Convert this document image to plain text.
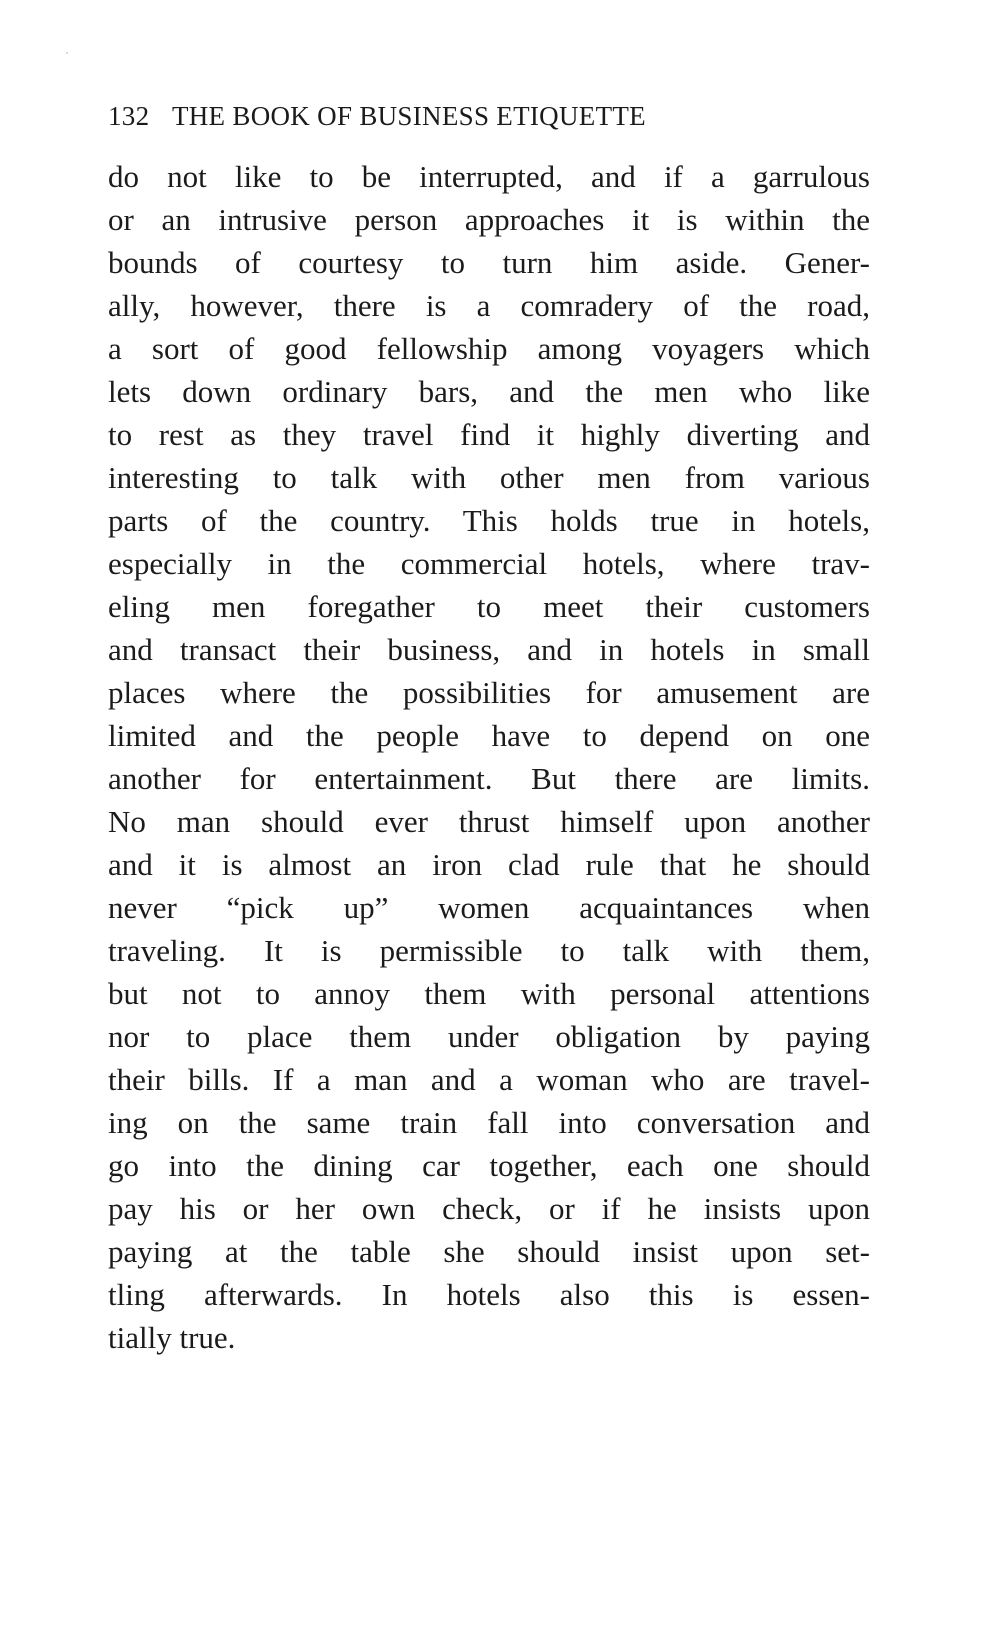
132 THE BOOK OF BUSINESS ETIQUETTE
do not like to be interrupted, and if a garrulous
or an intrusive person approaches it is within the
bounds of courtesy to turn him aside. Gener-
ally, however, there is a comradery of the road,
a sort of good fellowship among voyagers which
lets down ordinary bars, and the men who like
to rest as they travel find it highly diverting and
interesting to talk with other men from various
parts of the country. This holds true in hotels,
especially in the commercial hotels, where trav-
eling men foregather to meet their customers
and transact their business, and in hotels in small
places where the possibilities for amusement are
limited and the people have to depend on one
another for entertainment. But there are limits.
No man should ever thrust himself upon another
and it is almost an iron clad rule that he should
never “pick up” women acquaintances when
traveling. It is permissible to talk with them,
but not to annoy them with personal attentions
nor to place them under obligation by paying
their bills. If a man and a woman who are travel-
ing on the same train fall into conversation and
go into the dining car together, each one should
pay his or her own check, or if he insists upon
paying at the table she should insist upon set-
tling afterwards. In hotels also this is essen-
tially true.
